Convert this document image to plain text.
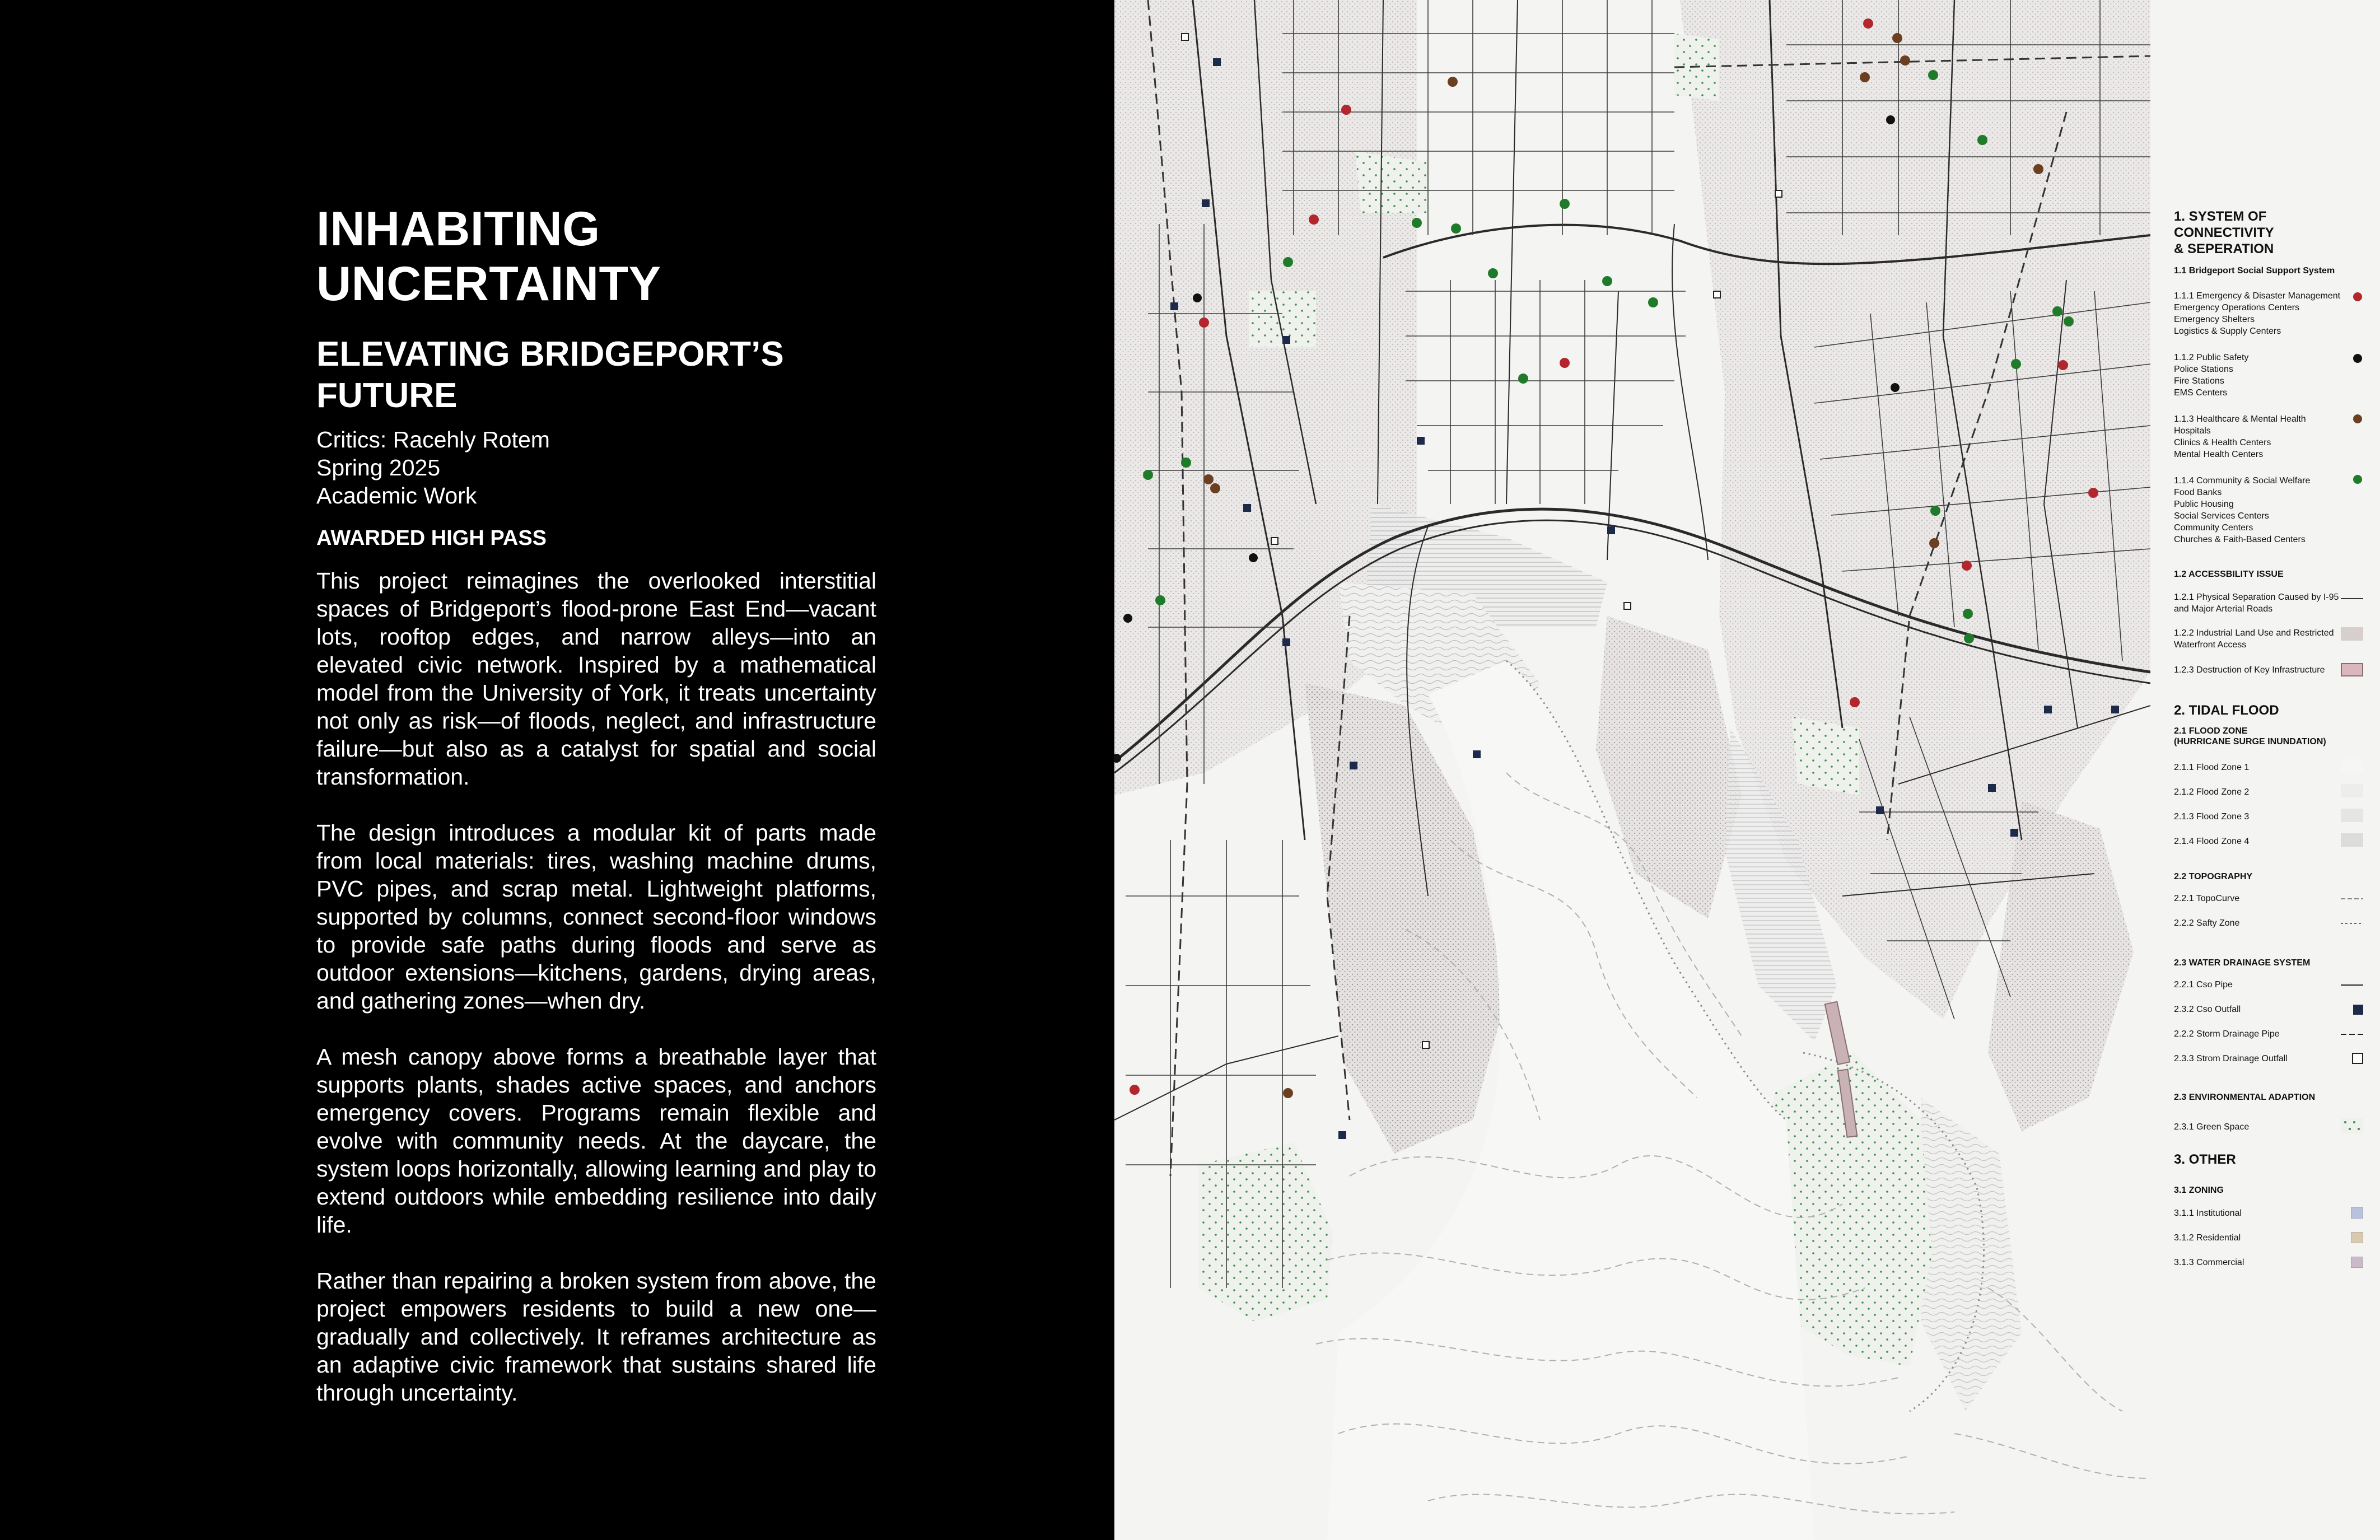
INHABITING
UNCERTAINTY
ELEVATING BRIDGEPORT’S
FUTURE
Critics: Racehly Rotem
Spring 2025
Academic Work
AWARDED HIGH PASS

This project reimagines the overlooked interstitial spaces of Bridgeport’s flood-prone East End—vacant lots, rooftop edges, and narrow alleys—into an elevated civic network. Inspired by a mathematical model from the University of York, it treats uncertainty not only as risk—of floods, neglect, and infrastructure failure—but also as a catalyst for spatial and social transformation.

The design introduces a modular kit of parts made from local materials: tires, washing machine drums, PVC pipes, and scrap metal. Lightweight platforms, supported by columns, connect second-floor windows to provide safe paths during floods and serve as outdoor extensions—kitchens, gardens, drying areas, and gathering zones—when dry.

A mesh canopy above forms a breathable layer that supports plants, shades active spaces, and anchors emergency covers. Programs remain flexible and evolve with community needs. At the daycare, the system loops horizontally, allowing learning and play to extend outdoors while embedding resilience into daily life.

Rather than repairing a broken system from above, the project empowers residents to build a new one—gradually and collectively. It reframes architecture as an adaptive civic framework that sustains shared life through uncertainty.

1. SYSTEM OF
CONNECTIVITY
& SEPERATION
1.1 Bridgeport Social Support System
1.1.1 Emergency & Disaster Management
Emergency Operations Centers
Emergency Shelters
Logistics & Supply Centers
1.1.2 Public Safety
Police Stations
Fire Stations
EMS Centers
1.1.3 Healthcare & Mental Health
Hospitals
Clinics & Health Centers
Mental Health Centers
1.1.4 Community & Social Welfare
Food Banks
Public Housing
Social Services Centers
Community Centers
Churches & Faith-Based Centers
1.2 ACCESSBILITY ISSUE
1.2.1 Physical Separation Caused by I-95
and Major Arterial Roads
1.2.2 Industrial Land Use and Restricted
Waterfront Access
1.2.3 Destruction of Key Infrastructure
2. TIDAL FLOOD
2.1 FLOOD ZONE
(HURRICANE SURGE INUNDATION)
2.1.1 Flood Zone 1
2.1.2 Flood Zone 2
2.1.3 Flood Zone 3
2.1.4 Flood Zone 4
2.2 TOPOGRAPHY
2.2.1 TopoCurve
2.2.2 Safty Zone
2.3 WATER DRAINAGE SYSTEM
2.2.1 Cso Pipe
2.3.2 Cso Outfall
2.2.2 Storm Drainage Pipe
2.3.3 Strom Drainage Outfall
2.3 ENVIRONMENTAL ADAPTION
2.3.1 Green Space
3. OTHER
3.1 ZONING
3.1.1 Institutional
3.1.2 Residential
3.1.3 Commercial
